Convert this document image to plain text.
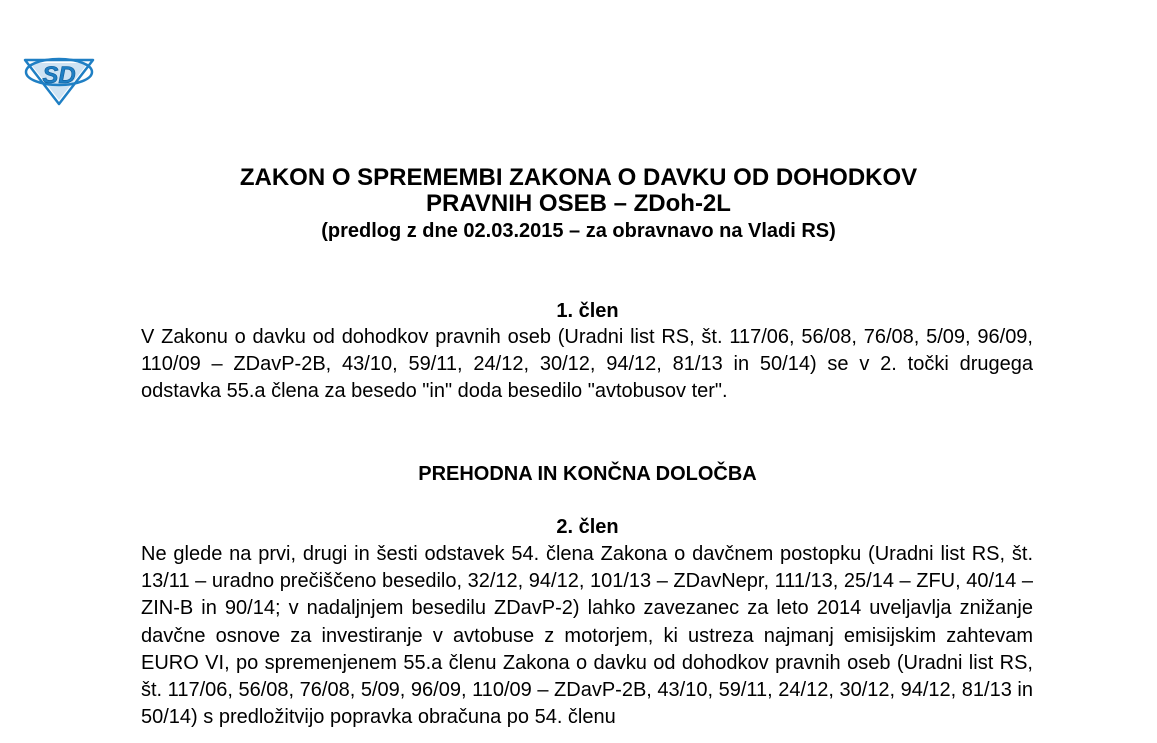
SD
ZAKON O SPREMEMBI ZAKONA O DAVKU OD DOHODKOV
PRAVNIH OSEB – ZDoh-2L
(predlog z dne 02.03.2015 – za obravnavo na Vladi RS)
1. člen
V Zakonu o davku od dohodkov pravnih oseb (Uradni list RS, št. 117/06, 56/08, 76/08, 5/09, 96/09, 110/09 – ZDavP-2B, 43/10, 59/11, 24/12, 30/12, 94/12, 81/13 in 50/14) se v 2. točki drugega odstavka 55.a člena za besedo "in" doda besedilo "avtobusov ter".
PREHODNA IN KONČNA DOLOČBA
2. člen
Ne glede na prvi, drugi in šesti odstavek 54. člena Zakona o davčnem postopku (Uradni list RS, št. 13/11 – uradno prečiščeno besedilo, 32/12, 94/12, 101/13 – ZDavNepr, 111/13, 25/14 – ZFU, 40/14 – ZIN-B in 90/14; v nadaljnjem besedilu ZDavP-2) lahko zavezanec za leto 2014 uveljavlja znižanje davčne osnove za investiranje v avtobuse z motorjem, ki ustreza najmanj emisijskim zahtevam EURO VI, po spremenjenem 55.a členu Zakona o davku od dohodkov pravnih oseb (Uradni list RS, št. 117/06, 56/08, 76/08, 5/09, 96/09, 110/09 – ZDavP-2B, 43/10, 59/11, 24/12, 30/12, 94/12, 81/13 in 50/14) s predložitvijo popravka obračuna po 54. členu
